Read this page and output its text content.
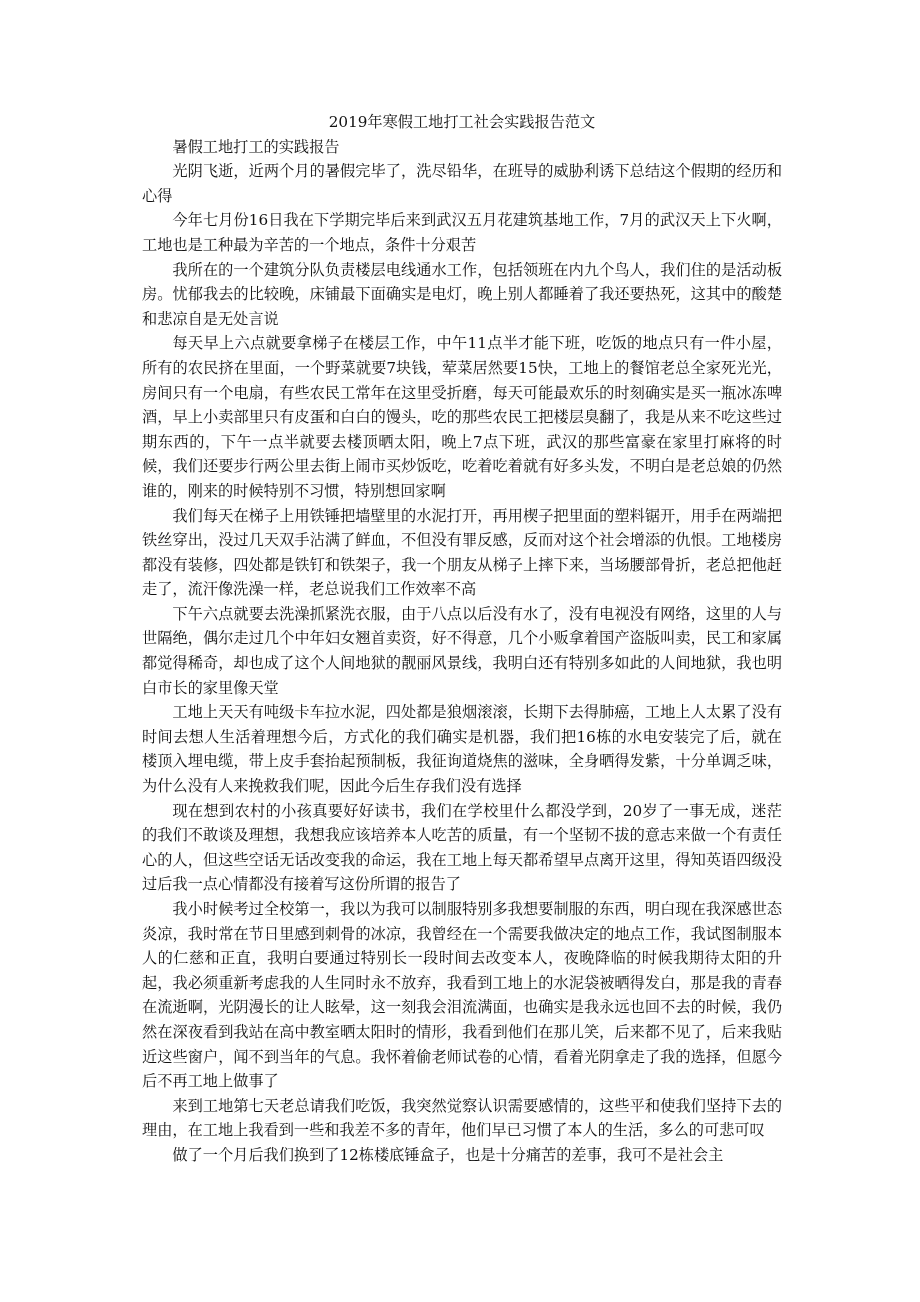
2019年寒假工地打工社会实践报告范文

暑假工地打工的实践报告

光阴飞逝，近两个月的暑假完毕了，洗尽铅华，在班导的威胁利诱下总结这个假期的经历和心得

今年七月份16日我在下学期完毕后来到武汉五月花建筑基地工作，7月的武汉天上下火啊，工地也是工种最为辛苦的一个地点，条件十分艰苦

我所在的一个建筑分队负责楼层电线通水工作，包括领班在内九个鸟人，我们住的是活动板房。忧郁我去的比较晚，床铺最下面确实是电灯，晚上别人都睡着了我还要热死，这其中的酸楚和悲凉自是无处言说

每天早上六点就要拿梯子在楼层工作，中午11点半才能下班，吃饭的地点只有一件小屋，所有的农民挤在里面，一个野菜就要7块钱，荤菜居然要15快，工地上的餐馆老总全家死光光，房间只有一个电扇，有些农民工常年在这里受折磨，每天可能最欢乐的时刻确实是买一瓶冰冻啤酒，早上小卖部里只有皮蛋和白白的馒头，吃的那些农民工把楼层臭翻了，我是从来不吃这些过期东西的，下午一点半就要去楼顶晒太阳，晚上7点下班，武汉的那些富豪在家里打麻将的时候，我们还要步行两公里去街上闹市买炒饭吃，吃着吃着就有好多头发，不明白是老总娘的仍然谁的，刚来的时候特别不习惯，特别想回家啊

我们每天在梯子上用铁锤把墙壁里的水泥打开，再用楔子把里面的塑料锯开，用手在两端把铁丝穿出，没过几天双手沾满了鲜血，不但没有罪反感，反而对这个社会增添的仇恨。工地楼房都没有装修，四处都是铁钉和铁架子，我一个朋友从梯子上摔下来，当场腰部骨折，老总把他赶走了，流汗像洗澡一样，老总说我们工作效率不高

下午六点就要去洗澡抓紧洗衣服，由于八点以后没有水了，没有电视没有网络，这里的人与世隔绝，偶尔走过几个中年妇女翘首卖资，好不得意，几个小贩拿着国产盗版叫卖，民工和家属都觉得稀奇，却也成了这个人间地狱的靓丽风景线，我明白还有特别多如此的人间地狱，我也明白市长的家里像天堂

工地上天天有吨级卡车拉水泥，四处都是狼烟滚滚，长期下去得肺癌，工地上人太累了没有时间去想人生活着理想今后，方式化的我们确实是机器，我们把16栋的水电安装完了后，就在楼顶入埋电缆，带上皮手套抬起预制板，我征询道烧焦的滋味，全身晒得发紫，十分单调乏味，为什么没有人来挽救我们呢，因此今后生存我们没有选择

现在想到农村的小孩真要好好读书，我们在学校里什么都没学到，20岁了一事无成，迷茫的我们不敢谈及理想，我想我应该培养本人吃苦的质量，有一个坚韧不拔的意志来做一个有责任心的人，但这些空话无话改变我的命运，我在工地上每天都希望早点离开这里，得知英语四级没过后我一点心情都没有接着写这份所谓的报告了

我小时候考过全校第一，我以为我可以制服特别多我想要制服的东西，明白现在我深感世态炎凉，我时常在节日里感到刺骨的冰凉，我曾经在一个需要我做决定的地点工作，我试图制服本人的仁慈和正直，我明白要通过特别长一段时间去改变本人，夜晚降临的时候我期待太阳的升起，我必须重新考虑我的人生同时永不放弃，我看到工地上的水泥袋被晒得发白，那是我的青春在流逝啊，光阴漫长的让人眩晕，这一刻我会泪流满面，也确实是我永远也回不去的时候，我仍然在深夜看到我站在高中教室晒太阳时的情形，我看到他们在那儿笑，后来都不见了，后来我贴近这些窗户，闻不到当年的气息。我怀着偷老师试卷的心情，看着光阴拿走了我的选择，但愿今后不再工地上做事了

来到工地第七天老总请我们吃饭，我突然觉察认识需要感情的，这些平和使我们坚持下去的理由，在工地上我看到一些和我差不多的青年，他们早已习惯了本人的生活，多么的可悲可叹

做了一个月后我们换到了12栋楼底锤盒子，也是十分痛苦的差事，我可不是社会主
